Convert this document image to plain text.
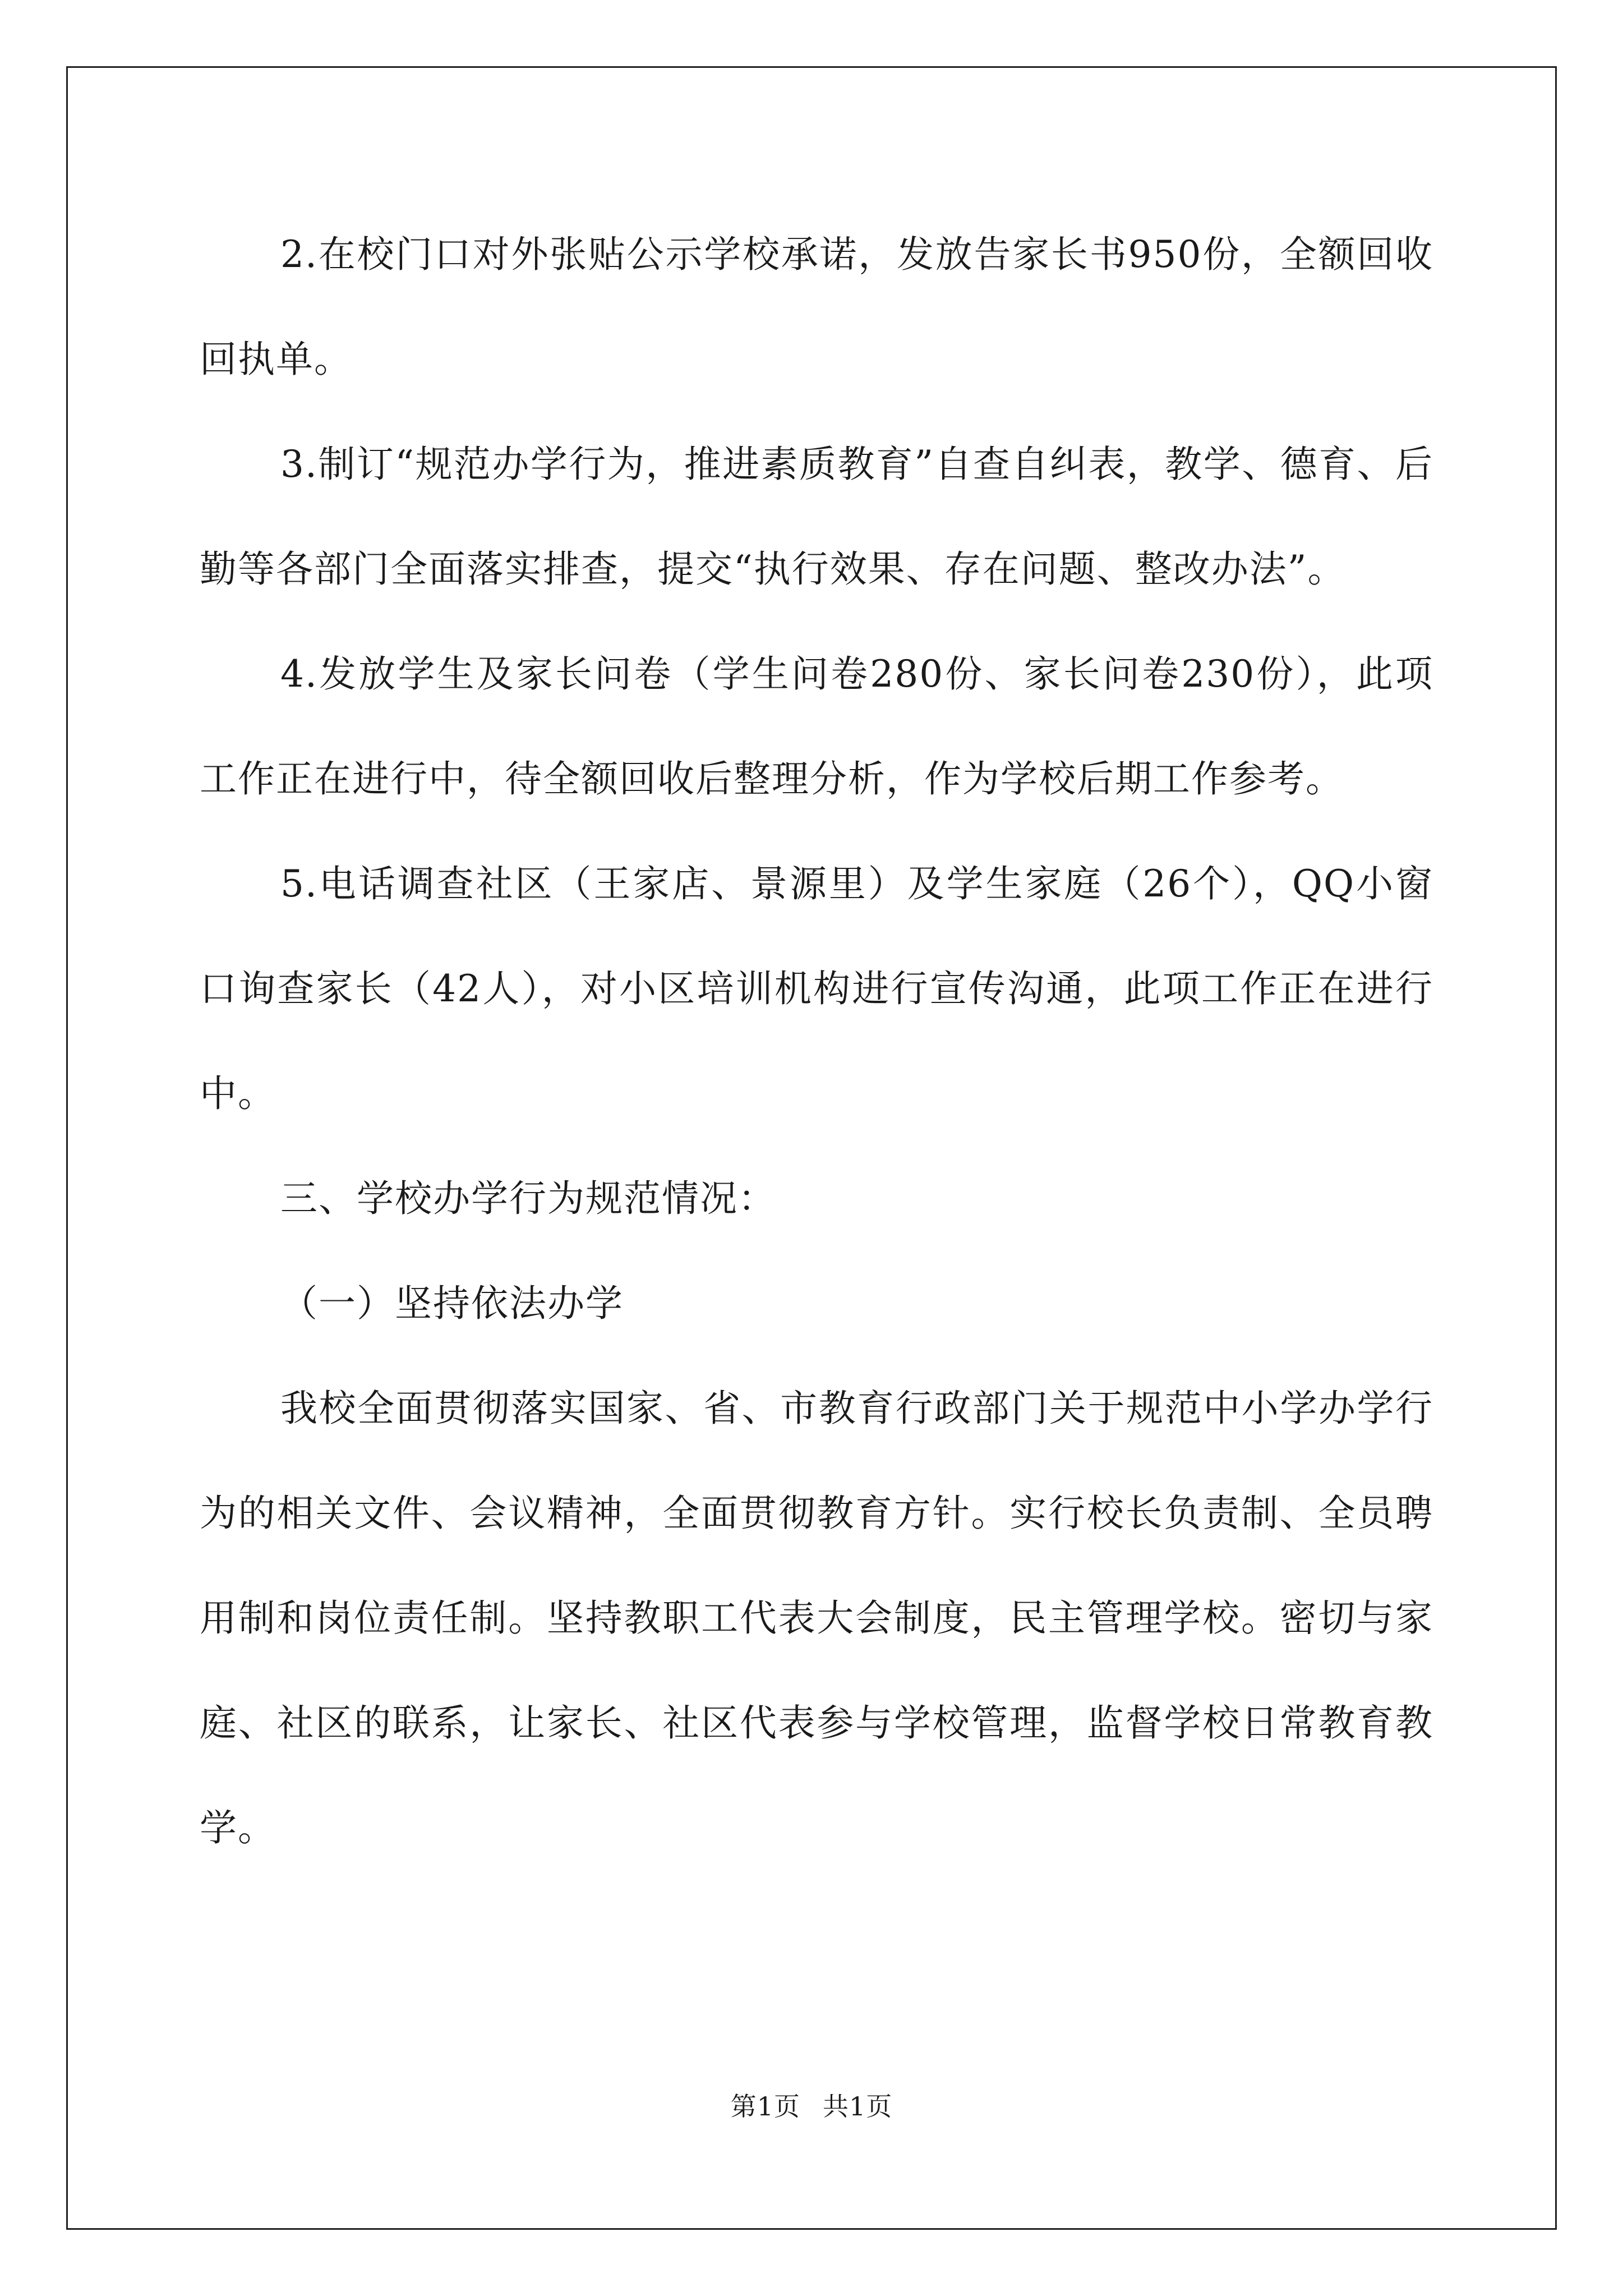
2.在校门口对外张贴公示学校承诺，发放告家长书950份，全额回收回执单。

3.制订“规范办学行为，推进素质教育”自查自纠表，教学、德育、后勤等各部门全面落实排查，提交“执行效果、存在问题、整改办法”。

4.发放学生及家长问卷（学生问卷280份、家长问卷230份），此项工作正在进行中，待全额回收后整理分析，作为学校后期工作参考。

5.电话调查社区（王家店、景源里）及学生家庭（26个），QQ小窗口询查家长（42人），对小区培训机构进行宣传沟通，此项工作正在进行中。

三、学校办学行为规范情况：

（一）坚持依法办学

我校全面贯彻落实国家、省、市教育行政部门关于规范中小学办学行为的相关文件、会议精神，全面贯彻教育方针。实行校长负责制、全员聘用制和岗位责任制。坚持教职工代表大会制度，民主管理学校。密切与家庭、社区的联系，让家长、社区代表参与学校管理，监督学校日常教育教学。

第1页 共1页
